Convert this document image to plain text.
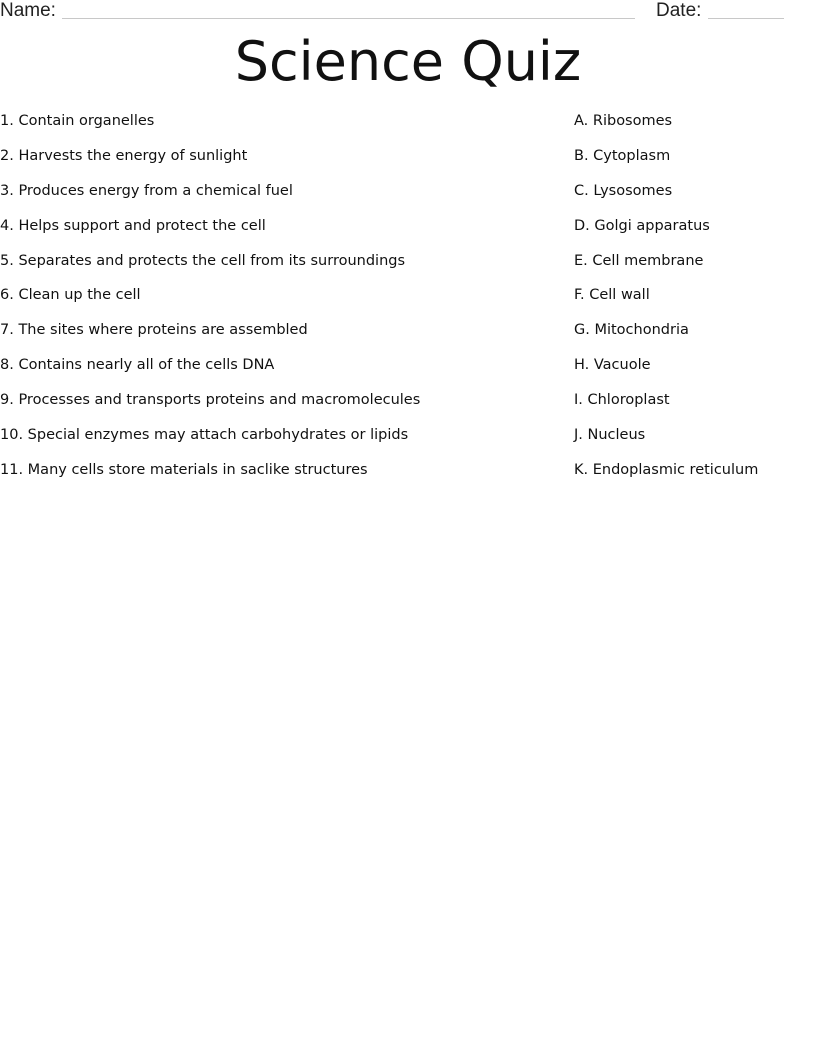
Name:	Date:
Science Quiz
1. Contain organelles
2. Harvests the energy of sunlight
3. Produces energy from a chemical fuel
4. Helps support and protect the cell
5. Separates and protects the cell from its surroundings
6. Clean up the cell
7. The sites where proteins are assembled
8. Contains nearly all of the cells DNA
9. Processes and transports proteins and macromolecules
10. Special enzymes may attach carbohydrates or lipids
11. Many cells store materials in saclike structures
A. Ribosomes
B. Cytoplasm
C. Lysosomes
D. Golgi apparatus
E. Cell membrane
F. Cell wall
G. Mitochondria
H. Vacuole
I. Chloroplast
J. Nucleus
K. Endoplasmic reticulum
